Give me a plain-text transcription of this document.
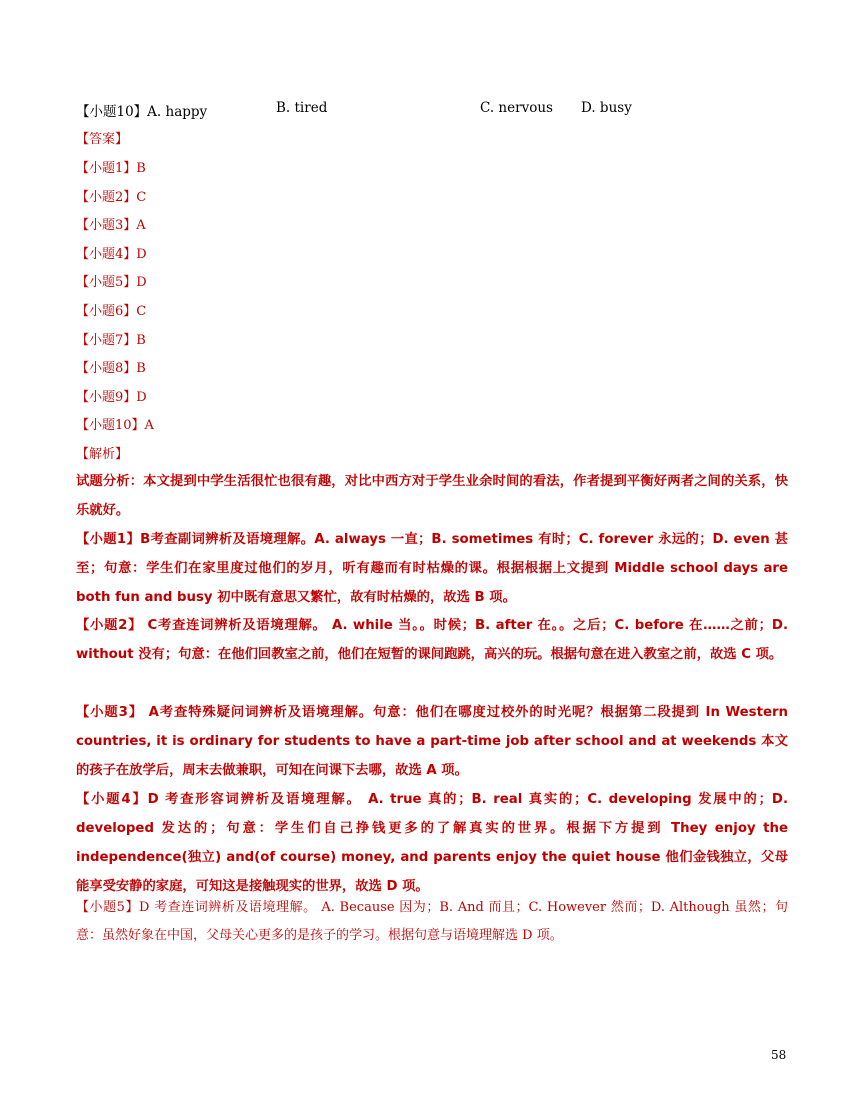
【小题10】A. happy	B. tired	C. nervous D. busy
【答案】
【小题1】B
【小题2】C
【小题3】A
【小题4】D
【小题5】D
【小题6】C
【小题7】B
【小题8】B
【小题9】D
【小题10】A
【解析】
试题分析：本文提到中学生活很忙也很有趣，对比中西方对于学生业余时间的看法，作者提到平衡好两者之间的关系，快乐就好。
【小题1】B考查副词辨析及语境理解。A. always 一直；B. sometimes 有时；C. forever 永远的；D. even 甚至；句意：学生们在家里度过他们的岁月，听有趣而有时枯燥的课。根据根据上文提到 Middle school days are both fun and busy 初中既有意思又繁忙，故有时枯燥的，故选 B 项。
【小题2】 C考查连词辨析及语境理解。 A. while 当。。时候；B. after 在。。之后；C. before 在……之前；D. without 没有；句意：在他们回教室之前，他们在短暂的课间跑跳，高兴的玩。根据句意在进入教室之前，故选 C 项。
【小题3】 A考查特殊疑问词辨析及语境理解。句意：他们在哪度过校外的时光呢？根据第二段提到 In Western countries, it is ordinary for students to have a part-time job after school and at weekends 本文的孩子在放学后，周末去做兼职，可知在问课下去哪，故选 A 项。
【小题4】D 考查形容词辨析及语境理解。 A. true 真的；B. real 真实的；C. developing 发展中的；D. developed 发达的；句意：学生们自己挣钱更多的了解真实的世界。根据下方提到 They enjoy the independence(独立) and(of course) money, and parents enjoy the quiet house 他们金钱独立，父母能享受安静的家庭，可知这是接触现实的世界，故选 D 项。
【小题5】D 考查连词辨析及语境理解。 A. Because 因为；B. And 而且；C. However 然而；D. Although 虽然；句意：虽然好象在中国，父母关心更多的是孩子的学习。根据句意与语境理解选 D 项。
58
